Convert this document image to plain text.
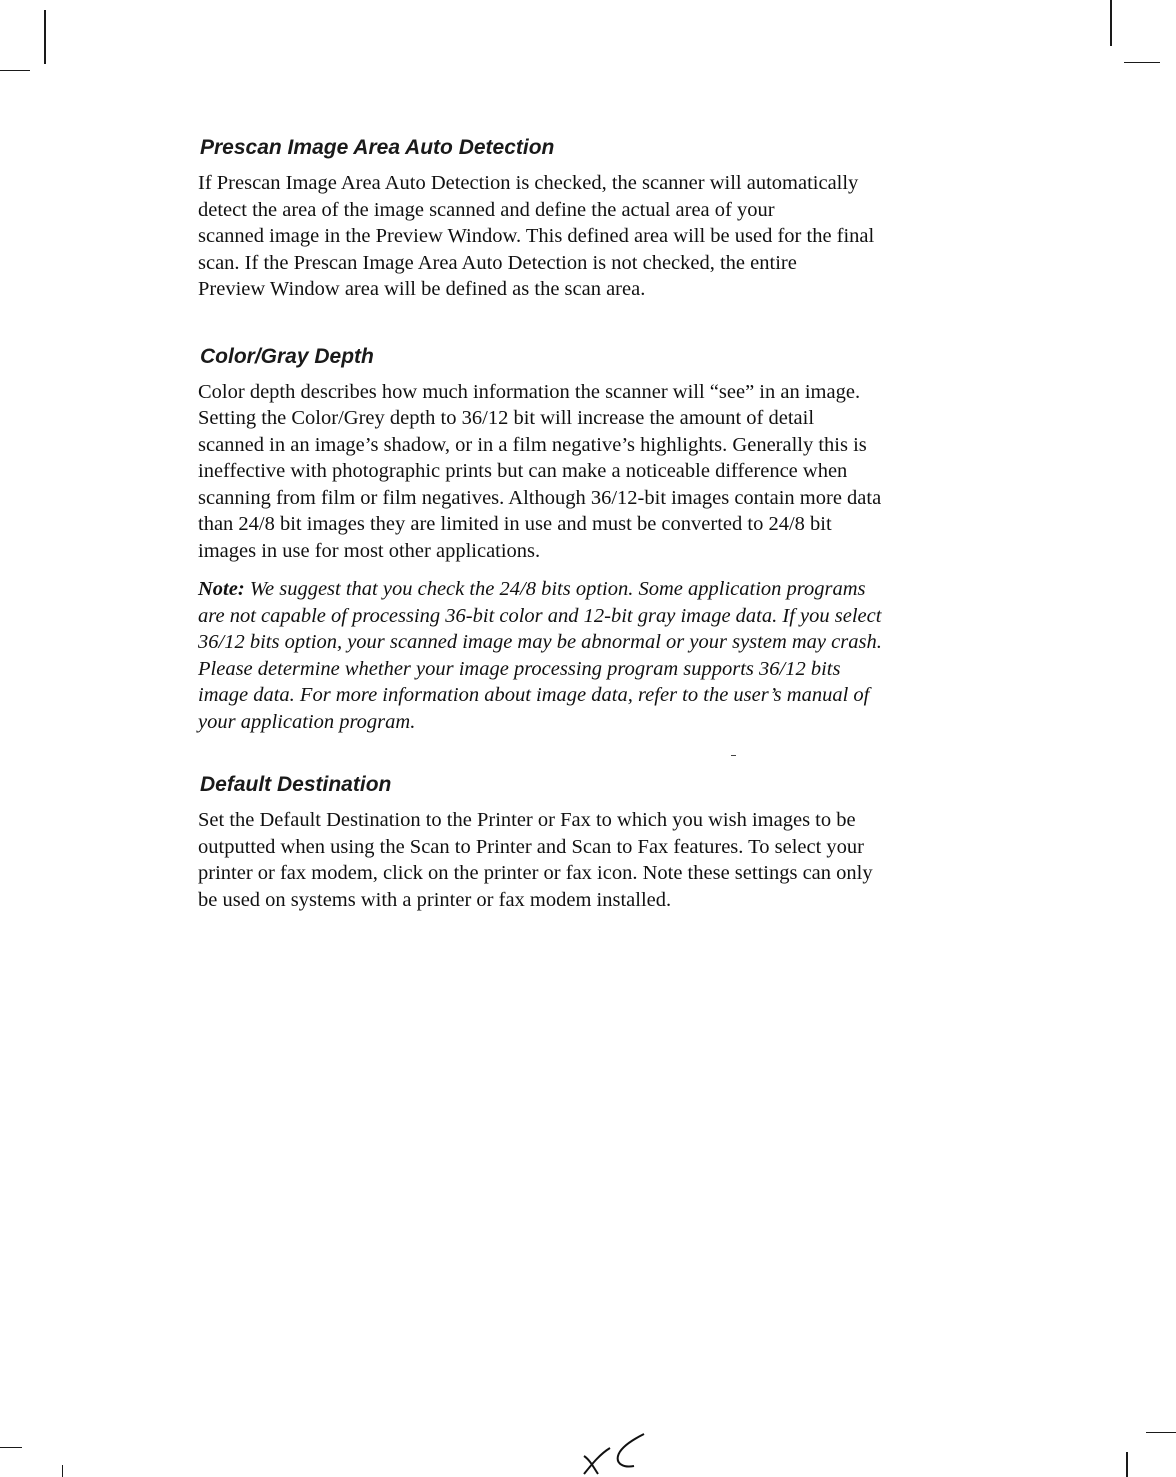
Prescan Image Area Auto Detection

If Prescan Image Area Auto Detection is checked, the scanner will automatically
detect the area of the image scanned and define the actual area of your
scanned image in the Preview Window. This defined area will be used for the final
scan. If the Prescan Image Area Auto Detection is not checked, the entire
Preview Window area will be defined as the scan area.

Color/Gray Depth

Color depth describes how much information the scanner will “see” in an image.
Setting the Color/Grey depth to 36/12 bit will increase the amount of detail
scanned in an image’s shadow, or in a film negative’s highlights. Generally this is
ineffective with photographic prints but can make a noticeable difference when
scanning from film or film negatives. Although 36/12-bit images contain more data
than 24/8 bit images they are limited in use and must be converted to 24/8 bit
images in use for most other applications.

Note: We suggest that you check the 24/8 bits option. Some application programs
are not capable of processing 36-bit color and 12-bit gray image data. If you select
36/12 bits option, your scanned image may be abnormal or your system may crash.
Please determine whether your image processing program supports 36/12 bits
image data. For more information about image data, refer to the user’s manual of
your application program.

Default Destination

Set the Default Destination to the Printer or Fax to which you wish images to be
outputted when using the Scan to Printer and Scan to Fax features. To select your
printer or fax modem, click on the printer or fax icon. Note these settings can only
be used on systems with a printer or fax modem installed.
